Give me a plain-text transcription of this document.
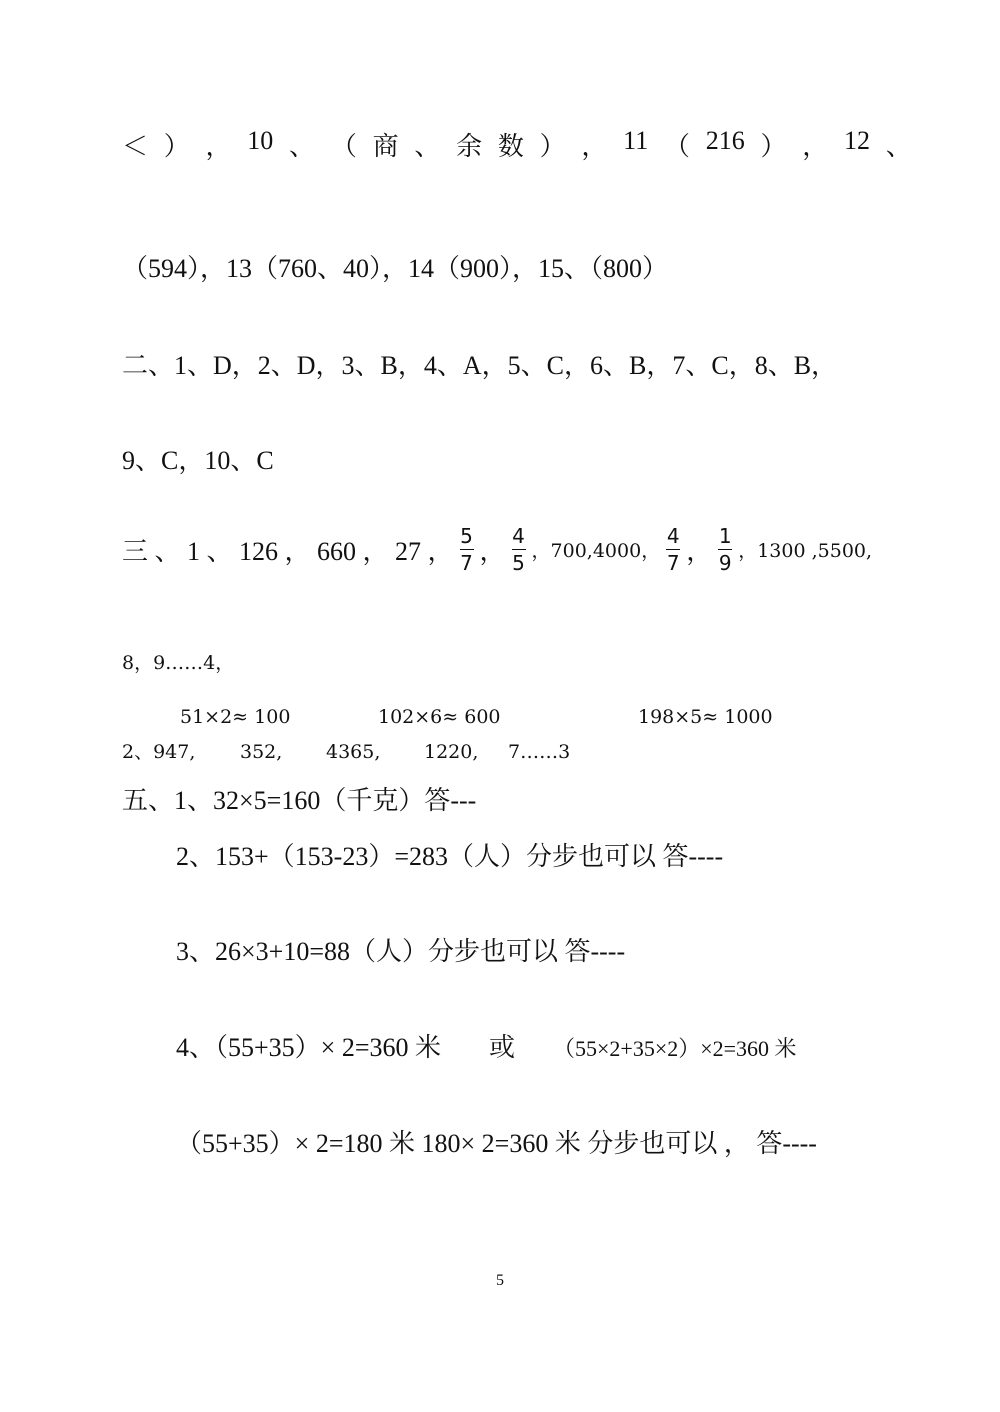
＜ ） ， 10 、 （ 商 、 余 数 ） ， 11 （ 216 ） ， 12 、
（594），13（760、40），14（900），15、（800）
二、1、D，2、D，3、B，4、A，5、C，6、B，7、C，8、B，
9、C，10、C
三 、 1 、 126 ， 660 ， 27 ， $\frac{5}{7}$ ， $\frac{4}{5}$ ，700,4000， $\frac{4}{7}$ ， $\frac{1}{9}$ ，1300 ,5500,
8，9……4，
51×2≈ 100	102×6≈ 600	198×5≈ 1000
2、947, 352, 4365, 1220, 7……3
五、1、32×5=160（千克）答---
2、153+（153-23）=283（人）分步也可以 答----
3、26×3+10=88（人）分步也可以 答----
4、（55+35）× 2=360 米 或 （55×2+35×2）×2=360 米
（55+35）× 2=180 米 180× 2=360 米 分步也可以 ， 答----
5
